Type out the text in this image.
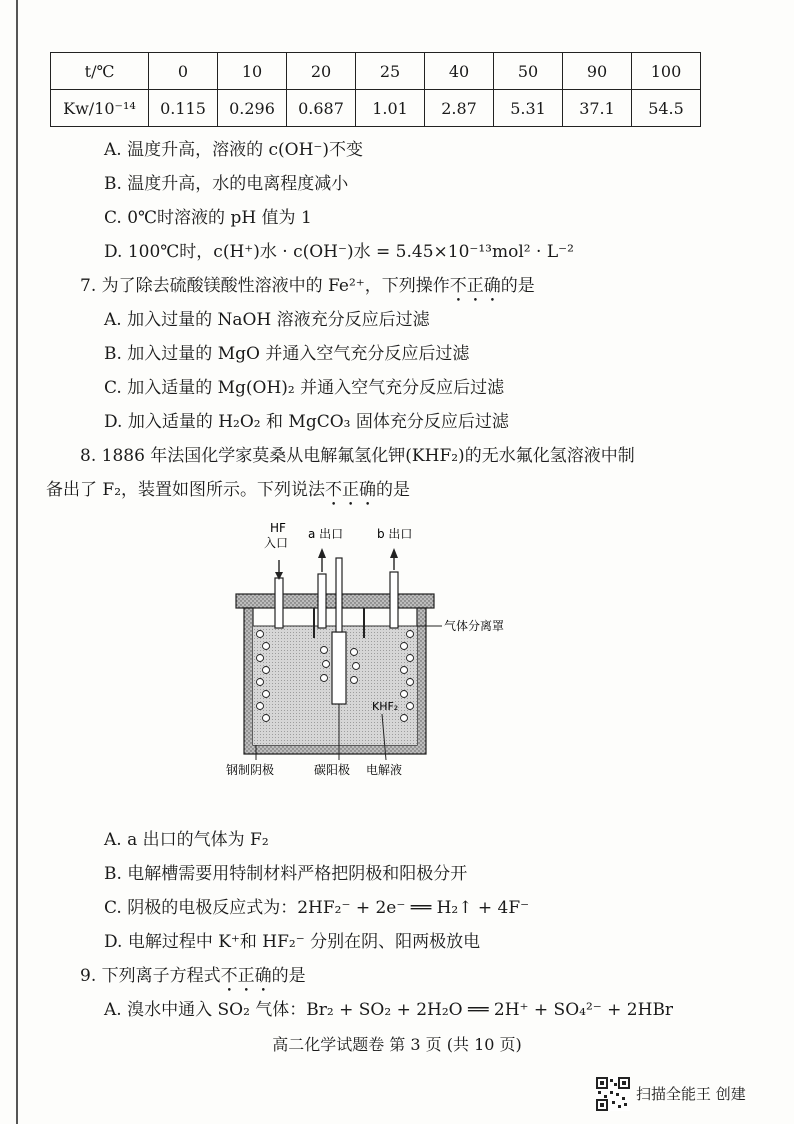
t/℃	0	10	20	25	40	50	90	100
Kw/10⁻¹⁴	0.115	0.296	0.687	1.01	2.87	5.31	37.1	54.5
A. 温度升高，溶液的 c(OH⁻)不变
B. 温度升高，水的电离程度减小
C. 0℃时溶液的 pH 值为 1
D. 100℃时，c(H⁺)水 · c(OH⁻)水 = 5.45×10⁻¹³mol² · L⁻²
7. 为了除去硫酸镁酸性溶液中的 Fe²⁺，下列操作不正确的是
A. 加入过量的 NaOH 溶液充分反应后过滤
B. 加入过量的 MgO 并通入空气充分反应后过滤
C. 加入适量的 Mg(OH)₂ 并通入空气充分反应后过滤
D. 加入适量的 H₂O₂ 和 MgCO₃ 固体充分反应后过滤
8. 1886 年法国化学家莫桑从电解氟氢化钾(KHF₂)的无水氟化氢溶液中制
备出了 F₂，装置如图所示。下列说法不正确的是
HF
入口
a 出口	b 出口
气体分离罩
KHF₂
钢制阴极	碳阳极 电解液
A. a 出口的气体为 F₂
B. 电解槽需要用特制材料严格把阴极和阳极分开
C. 阴极的电极反应式为：2HF₂⁻ + 2e⁻ ══ H₂↑ + 4F⁻
D. 电解过程中 K⁺和 HF₂⁻ 分别在阴、阳两极放电
9. 下列离子方程式不正确的是
A. 溴水中通入 SO₂ 气体：Br₂ + SO₂ + 2H₂O ══ 2H⁺ + SO₄²⁻ + 2HBr
高二化学试题卷 第 3 页 (共 10 页)
扫描全能王 创建
